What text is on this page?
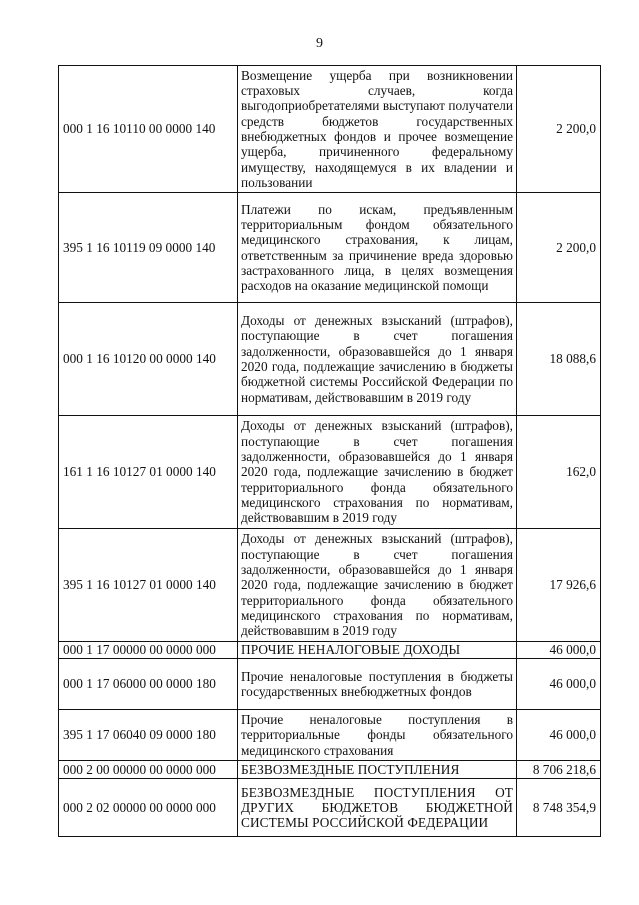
9
000 1 16 10110 00 0000 140	Возмещение ущерба при возникновении страховых случаев, когда выгодоприобретателями выступают получатели средств бюджетов государственных внебюджетных фондов и прочее возмещение ущерба, причиненного федеральному имуществу, находящемуся в их владении и пользовании	2 200,0
395 1 16 10119 09 0000 140	Платежи по искам, предъявленным территориальным фондом обязательного медицинского страхования, к лицам, ответственным за причинение вреда здоровью застрахованного лица, в целях возмещения расходов на оказание медицинской помощи	2 200,0
000 1 16 10120 00 0000 140	Доходы от денежных взысканий (штрафов), поступающие в счет погашения задолженности, образовавшейся до 1 января 2020 года, подлежащие зачислению в бюджеты бюджетной системы Российской Федерации по нормативам, действовавшим в 2019 году	18 088,6
161 1 16 10127 01 0000 140	Доходы от денежных взысканий (штрафов), поступающие в счет погашения задолженности, образовавшейся до 1 января 2020 года, подлежащие зачислению в бюджет территориального фонда обязательного медицинского страхования по нормативам, действовавшим в 2019 году	162,0
395 1 16 10127 01 0000 140	Доходы от денежных взысканий (штрафов), поступающие в счет погашения задолженности, образовавшейся до 1 января 2020 года, подлежащие зачислению в бюджет территориального фонда обязательного медицинского страхования по нормативам, действовавшим в 2019 году	17 926,6
000 1 17 00000 00 0000 000	ПРОЧИЕ НЕНАЛОГОВЫЕ ДОХОДЫ	46 000,0
000 1 17 06000 00 0000 180	Прочие неналоговые поступления в бюджеты государственных внебюджетных фондов	46 000,0
395 1 17 06040 09 0000 180	Прочие неналоговые поступления в территориальные фонды обязательного медицинского страхования	46 000,0
000 2 00 00000 00 0000 000	БЕЗВОЗМЕЗДНЫЕ ПОСТУПЛЕНИЯ	8 706 218,6
000 2 02 00000 00 0000 000	БЕЗВОЗМЕЗДНЫЕ ПОСТУПЛЕНИЯ ОТ ДРУГИХ БЮДЖЕТОВ БЮДЖЕТНОЙ СИСТЕМЫ РОССИЙСКОЙ ФЕДЕРАЦИИ	8 748 354,9
